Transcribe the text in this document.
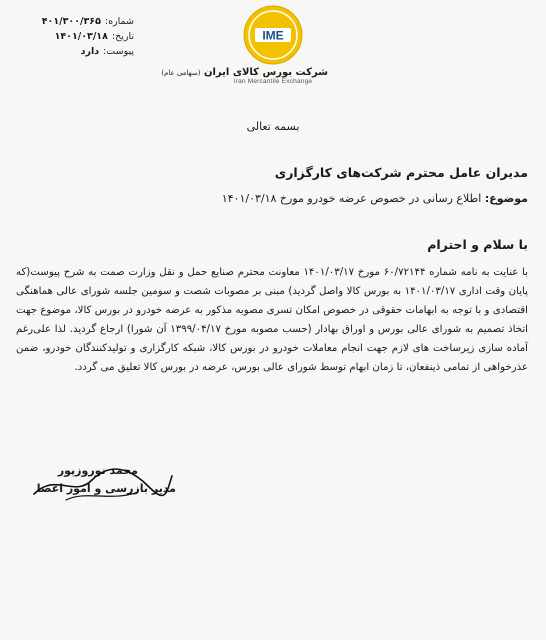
شماره:
۴۰۱/۳۰۰/۳۶۵
تاریخ:
۱۴۰۱/۰۳/۱۸
پیوست:
دارد
IME
شرکت بورس کالای ایران (سهامی عام)
Iran Mercantile Exchange
بسمه تعالی
مدیران عامل محترم شرکت‌های کارگزاری
موضوع: اطلاع رسانی در خصوص عرضه خودرو مورخ ۱۴۰۱/۰۳/۱۸
با سلام و احترام
با عنایت به نامه شماره ۶۰/۷۲۱۴۴ مورخ ۱۴۰۱/۰۳/۱۷ معاونت محترم صنایع حمل و نقل وزارت صمت به شرح پیوست(که پایان وقت اداری ۱۴۰۱/۰۳/۱۷ به بورس کالا واصل گردید) مبنی بر مصوبات شصت و سومین جلسه شورای عالی هماهنگی اقتصادی و با توجه به ابهامات حقوقی در خصوص امکان تسری مصوبه مذکور به عرضه خودرو در بورس کالا، موضوع جهت اتخاذ تصمیم به شورای عالی بورس و اوراق بهادار (حسب مصوبه مورخ ۱۳۹۹/۰۴/۱۷ آن شورا) ارجاع گردید. لذا علی‌رغم آماده سازی زیرساخت های لازم جهت انجام معاملات خودرو در بورس کالا، شبکه کارگزاری و تولیدکنندگان خودرو، ضمن عذرخواهی از تمامی ذینفعان، تا زمان ابهام توسط شورای عالی بورس، عرضه در بورس کالا تعلیق می گردد.
محمد نوروزپور
مدیر بازرسی و امور اعضا
